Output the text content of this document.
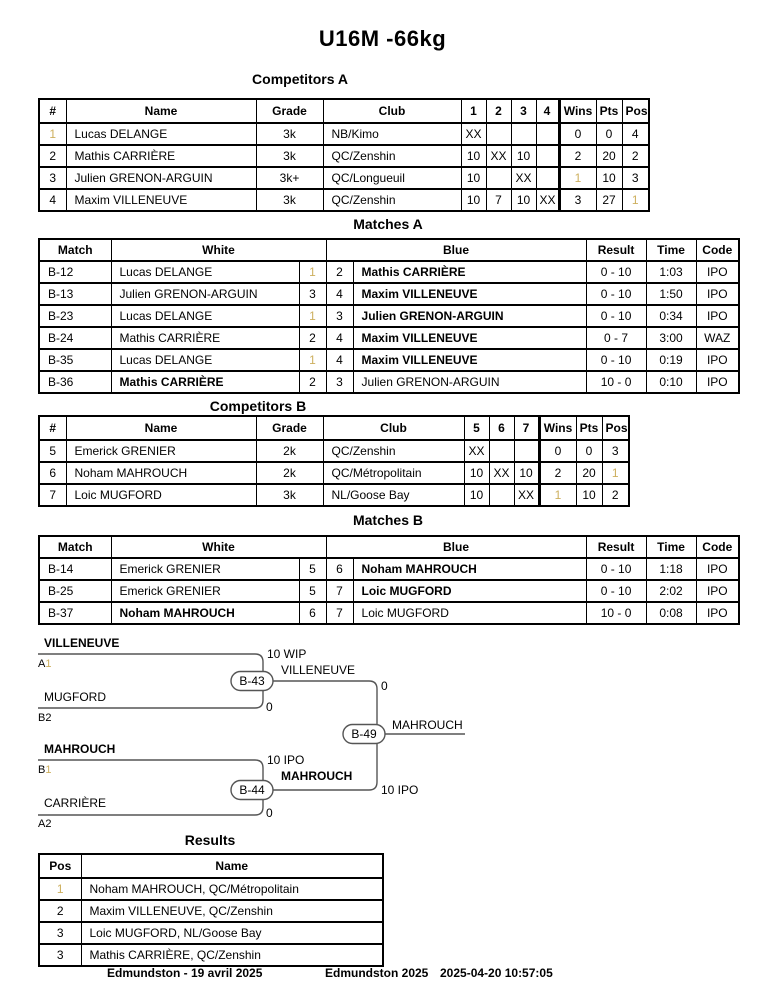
U16M -66kg
Competitors A
#	Name	Grade	Club	1	2	3	4	Wins	Pts	Pos
1	Lucas DELANGE	3k	NB/Kimo	XX				0	0	4
2	Mathis CARRIÈRE	3k	QC/Zenshin	10	XX	10		2	20	2
3	Julien GRENON-ARGUIN	3k+	QC/Longueuil	10		XX		1	10	3
4	Maxim VILLENEUVE	3k	QC/Zenshin	10	7	10	XX	3	27	1
Matches A
Match	White		Blue		Result	Time	Code
B-12	Lucas DELANGE	1	2	Mathis CARRIÈRE	0 - 10	1:03	IPO
B-13	Julien GRENON-ARGUIN	3	4	Maxim VILLENEUVE	0 - 10	1:50	IPO
B-23	Lucas DELANGE	1	3	Julien GRENON-ARGUIN	0 - 10	0:34	IPO
B-24	Mathis CARRIÈRE	2	4	Maxim VILLENEUVE	0 - 7	3:00	WAZ
B-35	Lucas DELANGE	1	4	Maxim VILLENEUVE	0 - 10	0:19	IPO
B-36	Mathis CARRIÈRE	2	3	Julien GRENON-ARGUIN	10 - 0	0:10	IPO
Competitors B
#	Name	Grade	Club	5	6	7	Wins	Pts	Pos
5	Emerick GRENIER	2k	QC/Zenshin	XX			0	0	3
6	Noham MAHROUCH	2k	QC/Métropolitain	10	XX	10	2	20	1
7	Loic MUGFORD	3k	NL/Goose Bay	10		XX	1	10	2
Matches B
Match	White		Blue		Result	Time	Code
B-14	Emerick GRENIER	5	6	Noham MAHROUCH	0 - 10	1:18	IPO
B-25	Emerick GRENIER	5	7	Loic MUGFORD	0 - 10	2:02	IPO
B-37	Noham MAHROUCH	6	7	Loic MUGFORD	10 - 0	0:08	IPO
B-43
B-49
B-44
VILLENEUVE
A1
10 WIP
VILLENEUVE
MUGFORD
B2
0
0
MAHROUCH
MAHROUCH
B1
10 IPO
MAHROUCH
CARRIÈRE
A2
0
10 IPO
Results
Pos	Name
1	Noham MAHROUCH, QC/Métropolitain
2	Maxim VILLENEUVE, QC/Zenshin
3	Loic MUGFORD, NL/Goose Bay
3	Mathis CARRIÈRE, QC/Zenshin
Edmundston - 19 avril 2025	Edmundston 2025 2025-04-20 10:57:05
